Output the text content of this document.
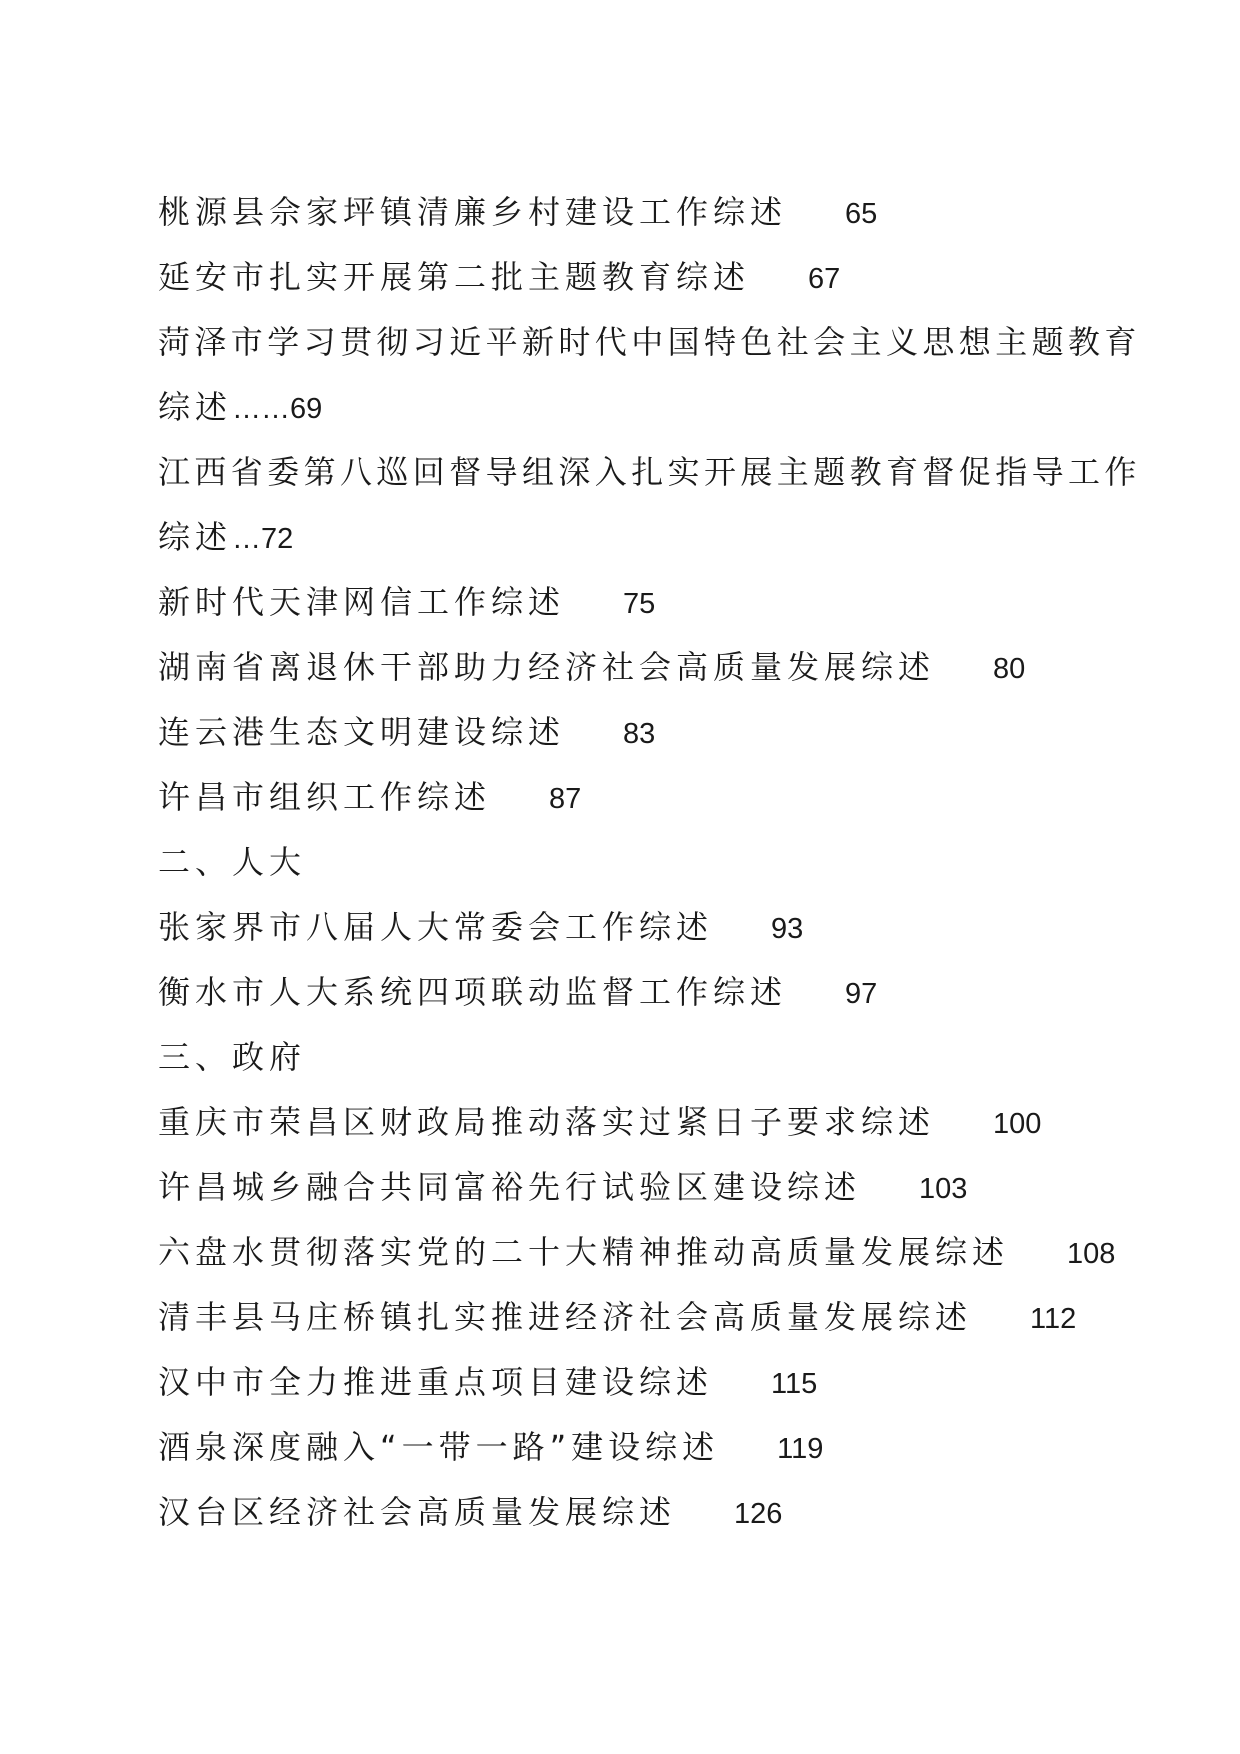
桃源县佘家坪镇清廉乡村建设工作综述 65
延安市扎实开展第二批主题教育综述 67
菏泽市学习贯彻习近平新时代中国特色社会主义思想主题教育
综述……69
江西省委第八巡回督导组深入扎实开展主题教育督促指导工作
综述…72
新时代天津网信工作综述 75
湖南省离退休干部助力经济社会高质量发展综述 80
连云港生态文明建设综述 83
许昌市组织工作综述 87
二、人大
张家界市八届人大常委会工作综述 93
衡水市人大系统四项联动监督工作综述 97
三、政府
重庆市荣昌区财政局推动落实过紧日子要求综述 100
许昌城乡融合共同富裕先行试验区建设综述 103
六盘水贯彻落实党的二十大精神推动高质量发展综述 108
清丰县马庄桥镇扎实推进经济社会高质量发展综述 112
汉中市全力推进重点项目建设综述 115
酒泉深度融入“一带一路”建设综述 119
汉台区经济社会高质量发展综述 126
